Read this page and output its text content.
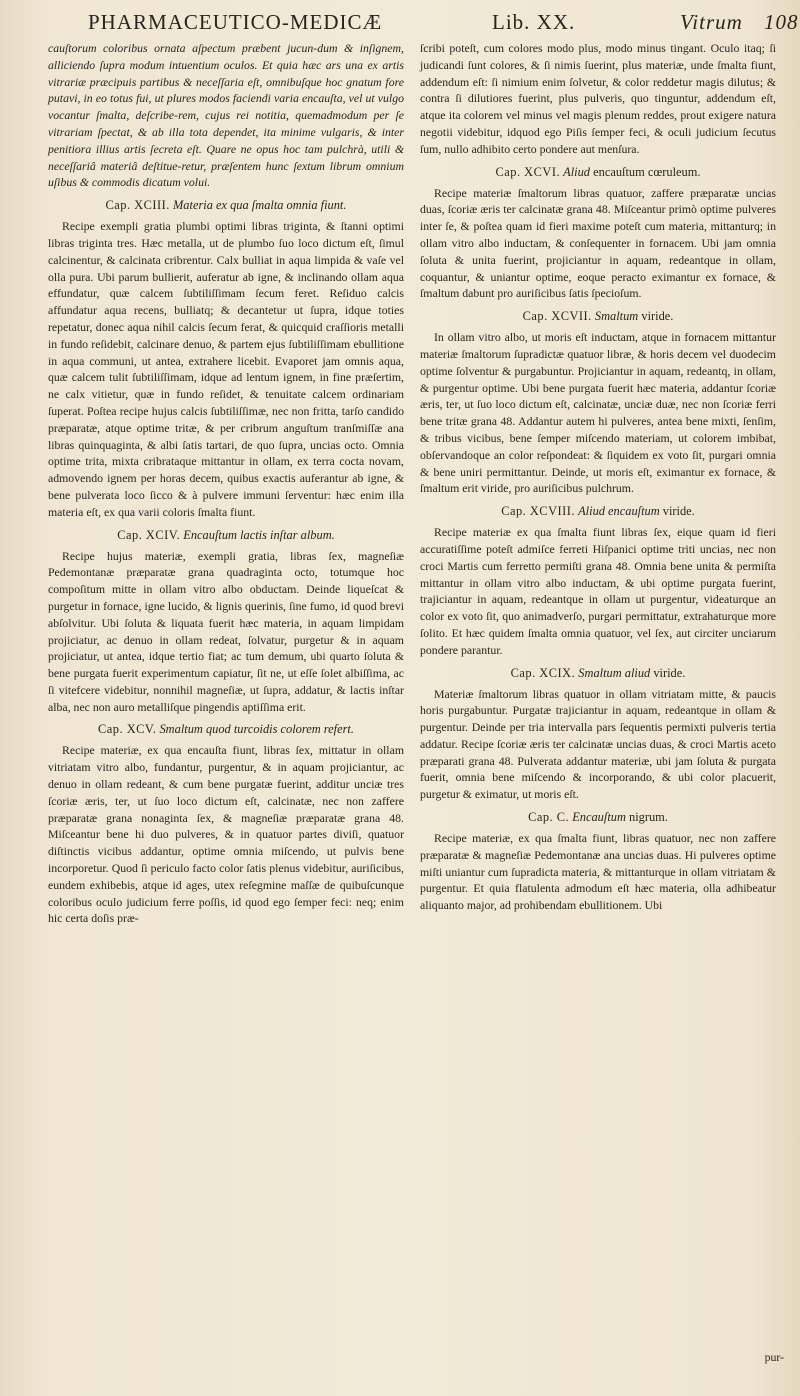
PHARMACEUTICO-MEDICÆ	Lib. XX.	Vitrum 108

cauſtorum coloribus ornata aſpectum præbent jucun-dum & inſignem, alliciendo ſupra modum intuentium oculos. Et quia hæc ars una ex artis vitrariæ præcipuis partibus & neceſſaria eſt, omnibuſque hoc gnatum fore putavi, in eo totus fui, ut plures modos faciendi varia encauſta, vel ut vulgo vocantur ſmalta, deſcribe-rem, cujus rei notitia, quemadmodum per ſe vitrariam ſpectat, & ab illa tota dependet, ita minime vulgaris, & inter penitiora illius artis ſecreta eſt. Quare ne opus hoc tam pulchrà, utili & neceſſariâ materiâ deſtitue-retur, præſentem hunc ſextum librum omnium uſibus & commodis dicatum volui.

Cap. XCIII. Materia ex qua ſmalta omnia fiunt.

Recipe exempli gratia plumbi optimi libras triginta, & ſtanni optimi libras triginta tres. Hæc metalla, ut de plumbo ſuo loco dictum eſt, ſimul calcinentur, & calcinata cribrentur. Calx bulliat in aqua limpida & vaſe vel olla pura. Ubi parum bullierit, auferatur ab igne, & inclinando ollam aqua effundatur, quæ calcem ſubtiliſſimam ſecum feret. Reſiduo calcis affundatur aqua recens, bulliatq; & decantetur ut ſupra, idque toties repetatur, donec aqua nihil calcis ſecum ferat, & quicquid craſſioris metalli in fundo reſidebit, calcinare denuo, & partem ejus ſubtiliſſimam ebullitione in aqua communi, ut antea, extrahere licebit. Evaporet jam omnis aqua, quæ calcem tulit ſubtiliſſimam, idque ad lentum ignem, in fine præſertim, ne calx vitietur, quæ in fundo reſidet, & tenuitate calcem ordinariam ſuperat. Poſtea recipe hujus calcis ſubtiliſſimæ, nec non fritta, tarſo candido præparatæ, atque optime tritæ, & per cribrum anguſtum tranſmiſſæ ana libras quinquaginta, & albi ſatis tartari, de quo ſupra, uncias octo. Omnia optime trita, mixta cribrataque mittantur in ollam, ex terra cocta novam, admovendo ignem per horas decem, quibus exactis auferantur ab igne, & bene pulverata loco ſicco & à pulvere immuni ſerventur: hæc enim illa materia eſt, ex qua varii coloris ſmalta fiunt.

Cap. XCIV. Encauſtum lactis inſtar album.

Recipe hujus materiæ, exempli gratia, libras ſex, magneſiæ Pedemontanæ præparatæ grana quadraginta octo, totumque hoc compoſitum mitte in ollam vitro albo obductam. Deinde liqueſcat & purgetur in fornace, igne lucido, & lignis querinis, ſine fumo, id quod brevi abſolvitur. Ubi ſoluta & liquata fuerit hæc materia, in aquam limpidam projiciatur, ac denuo in ollam redeat, ſolvatur, purgetur & in aquam projiciatur, ut antea, idque tertio fiat; ac tum demum, ubi quarto ſoluta & bene purgata fuerit experimentum capiatur, ſit ne, ut eſſe ſolet albiſſima, ac ſi vitefcere videbitur, nonnihil magneſiæ, ut ſupra, addatur, & lactis inſtar alba, nec non auro metalliſque pingendis aptiſſima erit.

Cap. XCV. Smaltum quod turcoidis colorem refert.

Recipe materiæ, ex qua encauſta fiunt, libras ſex, mittatur in ollam vitriatam vitro albo, fundantur, purgentur, & in aquam projiciantur, ac denuo in ollam redeant, & cum bene purgatæ fuerint, additur unciæ tres ſcoriæ æris, ter, ut ſuo loco dictum eſt, calcinatæ, nec non zaffere præparatæ grana nonaginta ſex, & magneſiæ præparatæ grana 48. Miſceantur bene hi duo pulveres, & in quatuor partes diviſi, quatuor diſtinctis vicibus addantur, optime omnia miſcendo, ut pulvis bene incorporetur. Quod ſi periculo facto color ſatis plenus videbitur, auriſicibus, eundem exhibebis, atque id ages, utex reſegmine maſſæ de quibuſcunque coloribus oculo judicium ferre poſſis, id quod ego ſemper feci: neq; enim hic certa doſis præ-

ſcribi poteſt, cum colores modo plus, modo minus tingant. Oculo itaq; ſi judicandi ſunt colores, & ſi nimis ſuerint, plus materiæ, unde ſmalta fiunt, addendum eſt: ſi nimium enim ſolvetur, & color reddetur magis dilutus; & contra ſi dilutiores fuerint, plus pulveris, quo tinguntur, addendum eſt, atque ita colorem vel minus vel magis plenum reddes, prout exigere natura negotii videbitur, idquod ego Piſis ſemper feci, & oculi judicium ſecutus ſum, nullo adhibito certo pondere aut menſura.

Cap. XCVI. Aliud encauſtum cœruleum.

Recipe materiæ ſmaltorum libras quatuor, zaffere præparatæ uncias duas, ſcoriæ æris ter calcinatæ grana 48. Miſceantur primò optime pulveres inter ſe, & poſtea quam id fieri maxime poteſt cum materia, mittanturq; in ollam vitro albo inductam, & conſequenter in fornacem. Ubi jam omnia ſoluta & unita fuerint, projiciantur in aquam, redeantque in ollam, coquantur, & uniantur optime, eoque peracto eximantur ex fornace, & ſmaltum dabunt pro auriſicibus ſatis ſpecioſum.

Cap. XCVII. Smaltum viride.

In ollam vitro albo, ut moris eſt inductam, atque in fornacem mittantur materiæ ſmaltorum ſupradictæ quatuor libræ, & horis decem vel duodecim optime ſolventur & purgabuntur. Projiciantur in aquam, redeantq, in ollam, & purgentur optime. Ubi bene purgata fuerit hæc materia, addantur ſcoriæ æris, ter, ut ſuo loco dictum eſt, calcinatæ, unciæ duæ, nec non ſcoriæ ferri bene tritæ grana 48. Addantur autem hi pulveres, antea bene mixti, ſenſim, & tribus vicibus, bene ſemper miſcendo materiam, ut colorem imbibat, obſervandoque an color reſpondeat: & ſiquidem ex voto ſit, purgari omnia & bene uniri permittantur. Deinde, ut moris eſt, eximantur ex fornace, & ſmaltum erit viride, pro auriſicibus pulchrum.

Cap. XCVIII. Aliud encauſtum viride.

Recipe materiæ ex qua ſmalta fiunt libras ſex, eique quam id fieri accuratiſſime poteſt admiſce ferreti Hiſpanici optime triti uncias, nec non croci Martis cum ferretto permiſti grana 48. Omnia bene unita & permiſta mittantur in ollam vitro albo inductam, & ubi optime purgata fuerint, trajiciantur in aquam, redeantque in ollam ut purgentur, videaturque an color ex voto ſit, quo animadverſo, purgari permittatur, extrahaturque more ſolito. Et hæc quidem ſmalta omnia quatuor, vel ſex, aut circiter unciarum pondere parantur.

Cap. XCIX. Smaltum aliud viride.

Materiæ ſmaltorum libras quatuor in ollam vitriatam mitte, & paucis horis purgabuntur. Purgatæ trajiciantur in aquam, redeantque in ollam & purgentur. Deinde per tria intervalla pars ſequentis permixti pulveris tertia addatur. Recipe ſcoriæ æris ter calcinatæ uncias duas, & croci Martis aceto præparati grana 48. Pulverata addantur materiæ, ubi jam ſoluta & purgata fuerit, omnia bene miſcendo & incorporando, & ubi color placuerit, purgetur & eximatur, ut moris eſt.

Cap. C. Encauſtum nigrum.

Recipe materiæ, ex qua ſmalta fiunt, libras quatuor, nec non zaffere præparatæ & magneſiæ Pedemontanæ ana uncias duas. Hi pulveres optime miſti uniantur cum ſupradicta materia, & mittanturque in ollam vitriatam & purgentur. Et quia flatulenta admodum eſt hæc materia, olla adhibeatur aliquanto major, ad prohibendam ebullitionem. Ubi

pur-
